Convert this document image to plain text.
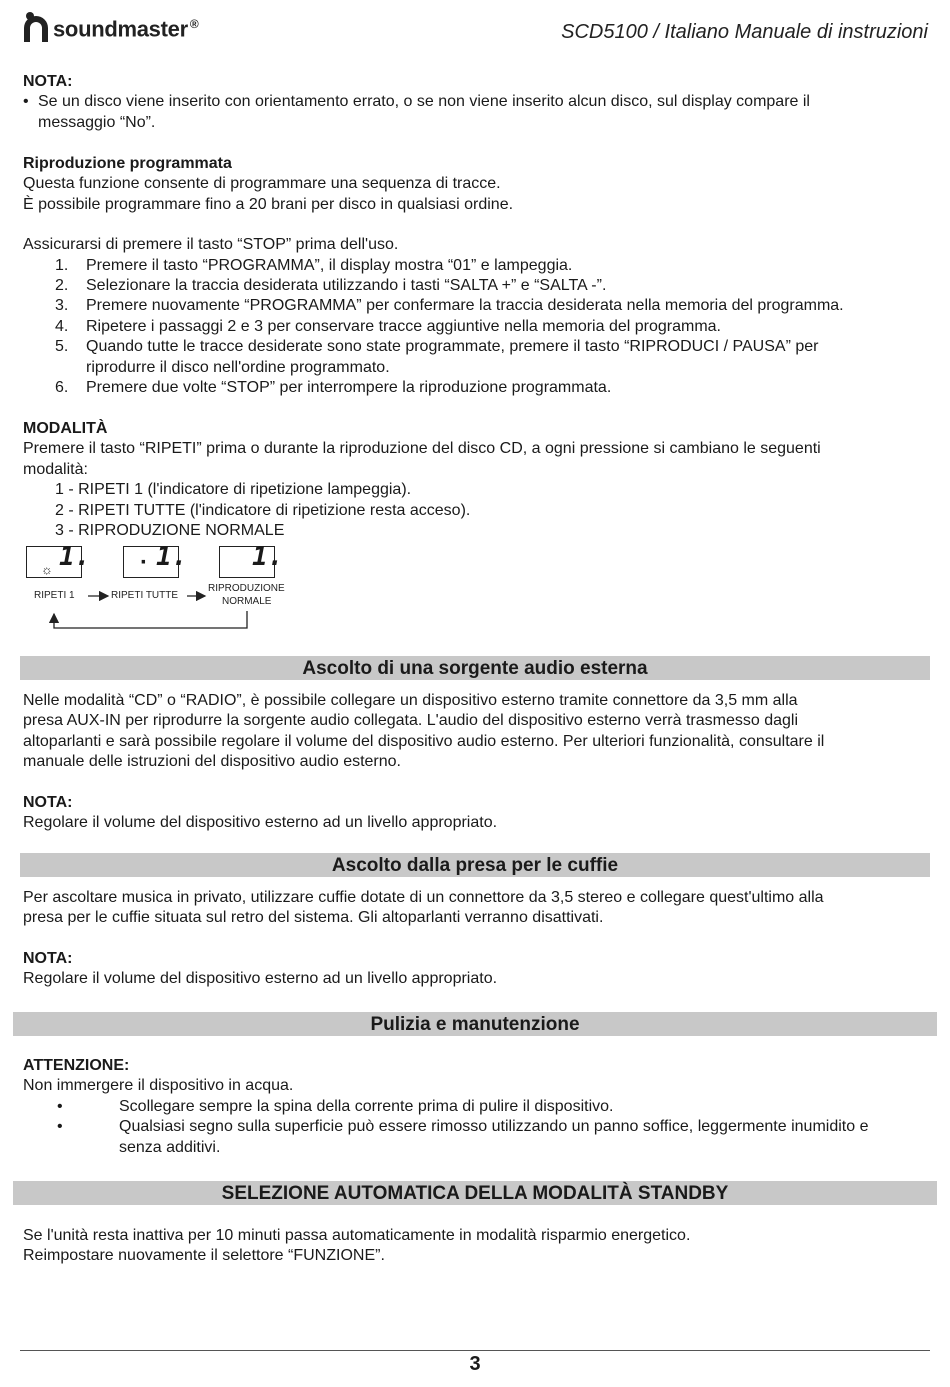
soundmaster ®	SCD5100 / Italiano Manuale di instruzioni
NOTA:
• Se un disco viene inserito con orientamento errato, o se non viene inserito alcun disco, sul display compare il
messaggio “No”.
Riproduzione programmata
Questa funzione consente di programmare una sequenza di tracce.
È possibile programmare fino a 20 brani per disco in qualsiasi ordine.
Assicurarsi di premere il tasto “STOP” prima dell'uso.
1.	Premere il tasto “PROGRAMMA”, il display mostra “01” e lampeggia.
2.	Selezionare la traccia desiderata utilizzando i tasti “SALTA +” e “SALTA -”.
3.	Premere nuovamente “PROGRAMMA” per confermare la traccia desiderata nella memoria del programma.
4.	Ripetere i passaggi 2 e 3 per conservare tracce aggiuntive nella memoria del programma.
5.	Quando tutte le tracce desiderate sono state programmate, premere il tasto “RIPRODUCI / PAUSA” per
riprodurre il disco nell'ordine programmato.
6.	Premere due volte “STOP” per interrompere la riproduzione programmata.
MODALITÀ
Premere il tasto “RIPETI” prima o durante la riproduzione del disco CD, a ogni pressione si cambiano le seguenti
modalità:
1 - RIPETI 1 (l'indicatore di ripetizione lampeggia).
2 - RIPETI TUTTE (l'indicatore di ripetizione resta acceso).
3 - RIPRODUZIONE NORMALE
☼ 1. · 1. 1.
RIPETI 1	RIPETI TUTTE
RIPRODUZIONE
NORMALE
Ascolto di una sorgente audio esterna
Nelle modalità “CD” o “RADIO”, è possibile collegare un dispositivo esterno tramite connettore da 3,5 mm alla
presa AUX-IN per riprodurre la sorgente audio collegata. L'audio del dispositivo esterno verrà trasmesso dagli
altoparlanti e sarà possibile regolare il volume del dispositivo audio esterno. Per ulteriori funzionalità, consultare il
manuale delle istruzioni del dispositivo audio esterno.
NOTA:
Regolare il volume del dispositivo esterno ad un livello appropriato.
Ascolto dalla presa per le cuffie
Per ascoltare musica in privato, utilizzare cuffie dotate di un connettore da 3,5 stereo e collegare quest'ultimo alla
presa per le cuffie situata sul retro del sistema. Gli altoparlanti verranno disattivati.
NOTA:
Regolare il volume del dispositivo esterno ad un livello appropriato.
Pulizia e manutenzione
ATTENZIONE:
Non immergere il dispositivo in acqua.
•	Scollegare sempre la spina della corrente prima di pulire il dispositivo.
•	Qualsiasi segno sulla superficie può essere rimosso utilizzando un panno soffice, leggermente inumidito e
senza additivi.
SELEZIONE AUTOMATICA DELLA MODALITÀ STANDBY
Se l'unità resta inattiva per 10 minuti passa automaticamente in modalità risparmio energetico.
Reimpostare nuovamente il selettore “FUNZIONE”.
3
